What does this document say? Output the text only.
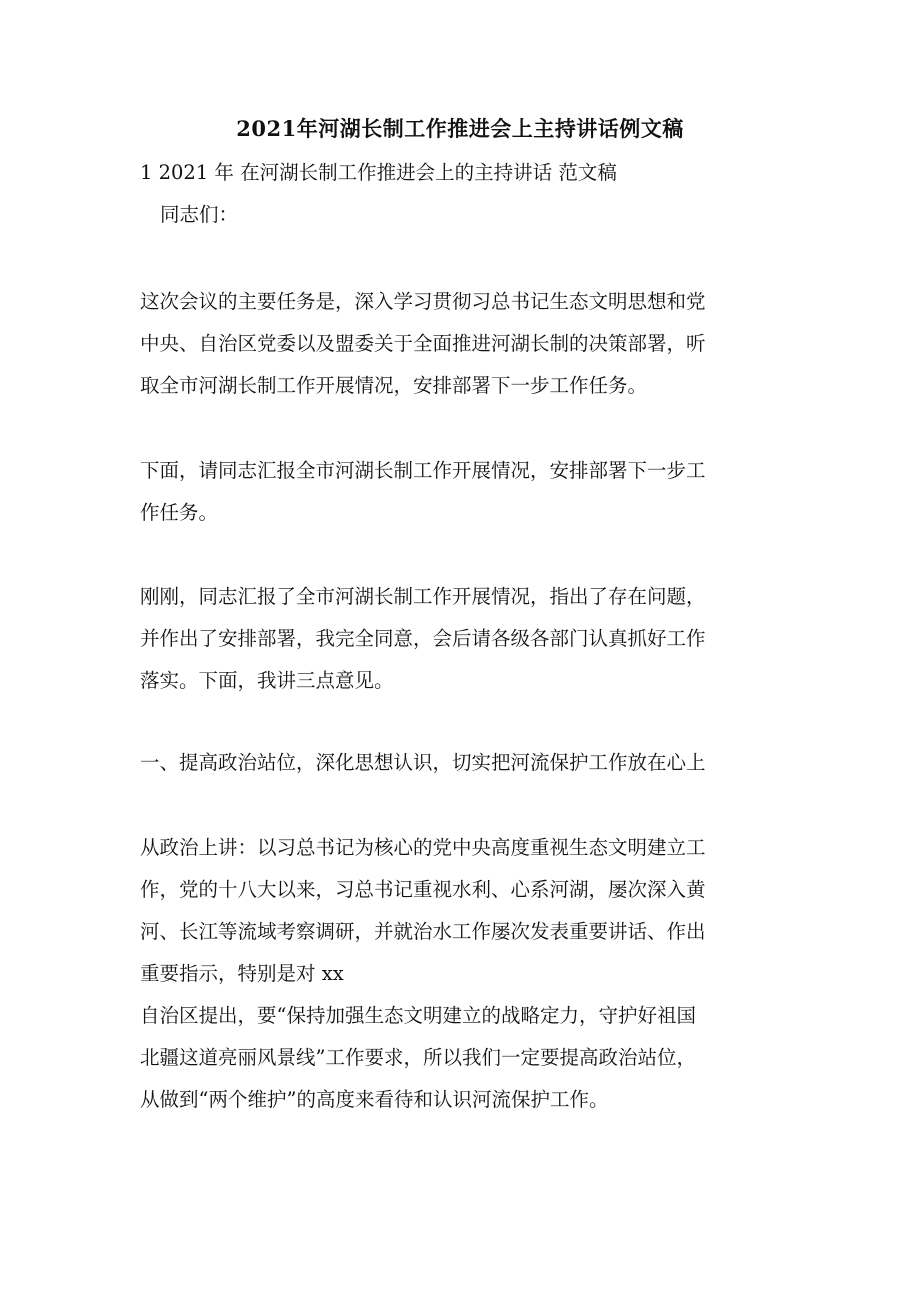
2021年河湖长制工作推进会上主持讲话例文稿
1 2021 年 在河湖长制工作推进会上的主持讲话 范文稿
同志们：
这次会议的主要任务是，深入学习贯彻习总书记生态文明思想和党
中央、自治区党委以及盟委关于全面推进河湖长制的决策部署，听
取全市河湖长制工作开展情况，安排部署下一步工作任务。
下面，请同志汇报全市河湖长制工作开展情况，安排部署下一步工
作任务。
刚刚，同志汇报了全市河湖长制工作开展情况，指出了存在问题，
并作出了安排部署，我完全同意，会后请各级各部门认真抓好工作
落实。下面，我讲三点意见。
一、提高政治站位，深化思想认识，切实把河流保护工作放在心上
从政治上讲：以习总书记为核心的党中央高度重视生态文明建立工
作，党的十八大以来，习总书记重视水利、心系河湖，屡次深入黄
河、长江等流域考察调研，并就治水工作屡次发表重要讲话、作出
重要指示，特别是对 xx
自治区提出，要“保持加强生态文明建立的战略定力，守护好祖国
北疆这道亮丽风景线”工作要求，所以我们一定要提高政治站位，
从做到“两个维护”的高度来看待和认识河流保护工作。
